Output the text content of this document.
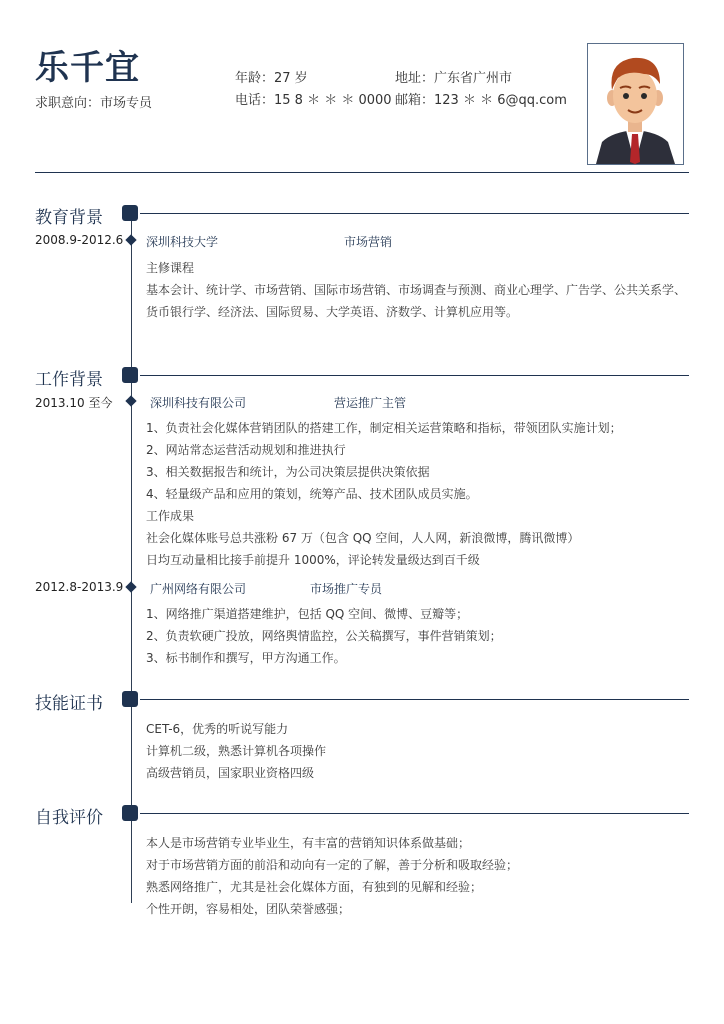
乐千宜
求职意向：市场专员
年龄：27 岁
电话：15 8 ＊ ＊ ＊ 0000
地址：广东省广州市
邮箱：123 ＊ ＊ 6@qq.com
教育背景
2008.9-2012.6 深圳科技大学	市场营销

主修课程

基本会计、统计学、市场营销、国际市场营销、市场调查与预测、商业心理学、广告学、公共关系学、货币银行学、经济法、国际贸易、大学英语、济数学、计算机应用等。

工作背景
2013.10 至今	深圳科技有限公司	营运推广主管

1、负责社会化媒体营销团队的搭建工作，制定相关运营策略和指标，带领团队实施计划；

2、网站常态运营活动规划和推进执行

3、相关数据报告和统计，为公司决策层提供决策依据

4、轻量级产品和应用的策划，统筹产品、技术团队成员实施。

工作成果

社会化媒体账号总共涨粉 67 万（包含 QQ 空间，人人网，新浪微博，腾讯微博）

日均互动量相比接手前提升 1000%，评论转发量级达到百千级

2012.8-2013.9 广州网络有限公司	市场推广专员

1、网络推广渠道搭建维护，包括 QQ 空间、微博、豆瓣等；

2、负责软硬广投放，网络舆情监控，公关稿撰写，事件营销策划；

3、标书制作和撰写，甲方沟通工作。

技能证书

CET-6，优秀的听说写能力

计算机二级，熟悉计算机各项操作

高级营销员，国家职业资格四级

自我评价

本人是市场营销专业毕业生，有丰富的营销知识体系做基础；

对于市场营销方面的前沿和动向有一定的了解，善于分析和吸取经验；

熟悉网络推广，尤其是社会化媒体方面，有独到的见解和经验；

个性开朗，容易相处，团队荣誉感强；
